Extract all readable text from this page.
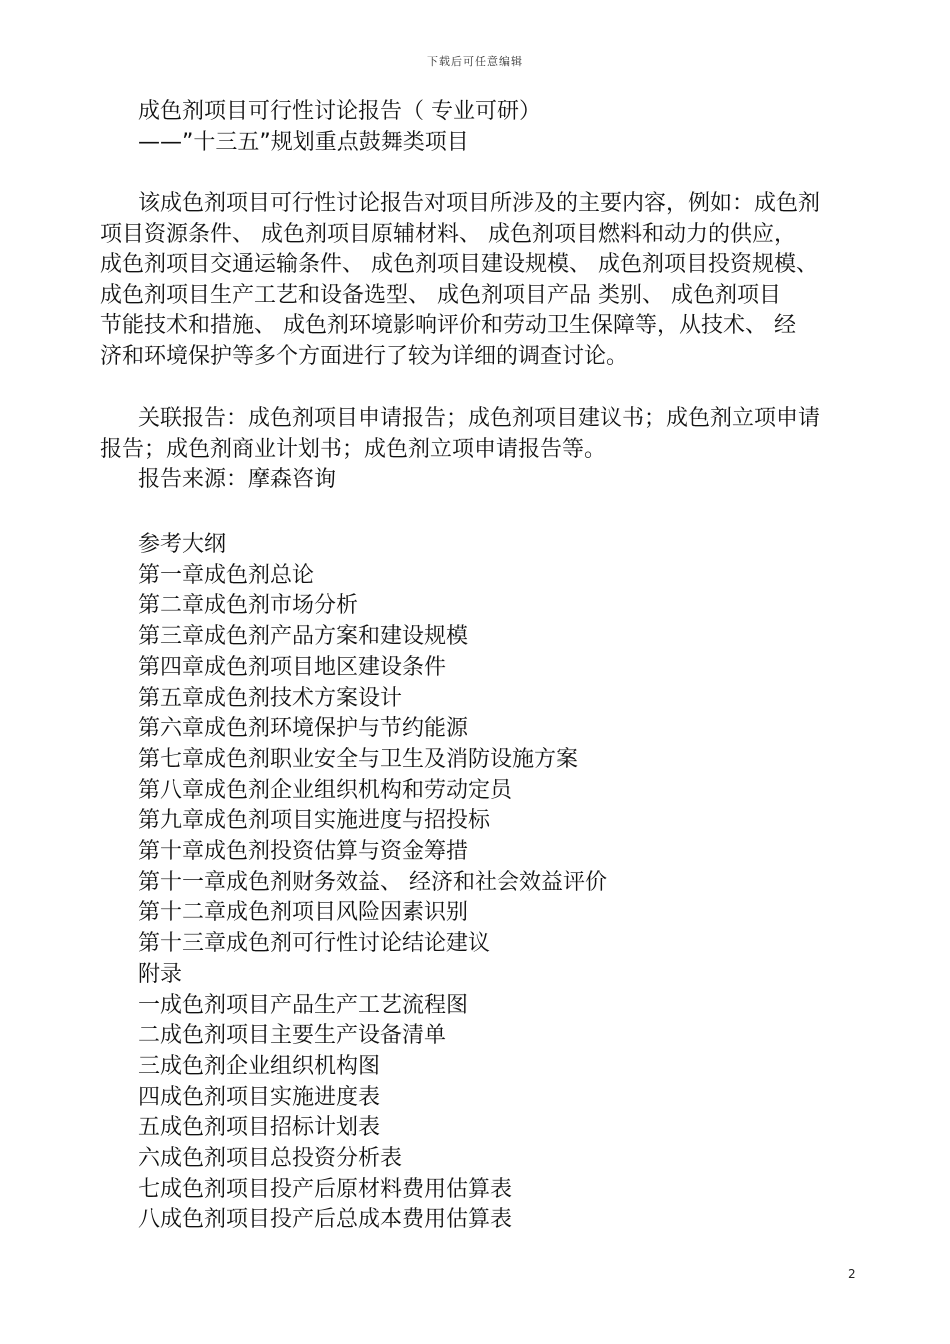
下载后可任意编辑
成色剂项目可行性讨论报告（ 专业可研）
——”十三五”规划重点鼓舞类项目
该成色剂项目可行性讨论报告对项目所涉及的主要内容，例如：成色剂
项目资源条件、 成色剂项目原辅材料、 成色剂项目燃料和动力的供应，
成色剂项目交通运输条件、 成色剂项目建设规模、 成色剂项目投资规模、
成色剂项目生产工艺和设备选型、 成色剂项目产品 类别、 成色剂项目
节能技术和措施、 成色剂环境影响评价和劳动卫生保障等，从技术、 经
济和环境保护等多个方面进行了较为详细的调查讨论。
关联报告：成色剂项目申请报告；成色剂项目建议书；成色剂立项申请
报告；成色剂商业计划书；成色剂立项申请报告等。
报告来源：摩森咨询
参考大纲
第一章成色剂总论
第二章成色剂市场分析
第三章成色剂产品方案和建设规模
第四章成色剂项目地区建设条件
第五章成色剂技术方案设计
第六章成色剂环境保护与节约能源
第七章成色剂职业安全与卫生及消防设施方案
第八章成色剂企业组织机构和劳动定员
第九章成色剂项目实施进度与招投标
第十章成色剂投资估算与资金筹措
第十一章成色剂财务效益、 经济和社会效益评价
第十二章成色剂项目风险因素识别
第十三章成色剂可行性讨论结论建议
附录
一成色剂项目产品生产工艺流程图
二成色剂项目主要生产设备清单
三成色剂企业组织机构图
四成色剂项目实施进度表
五成色剂项目招标计划表
六成色剂项目总投资分析表
七成色剂项目投产后原材料费用估算表
八成色剂项目投产后总成本费用估算表
2
